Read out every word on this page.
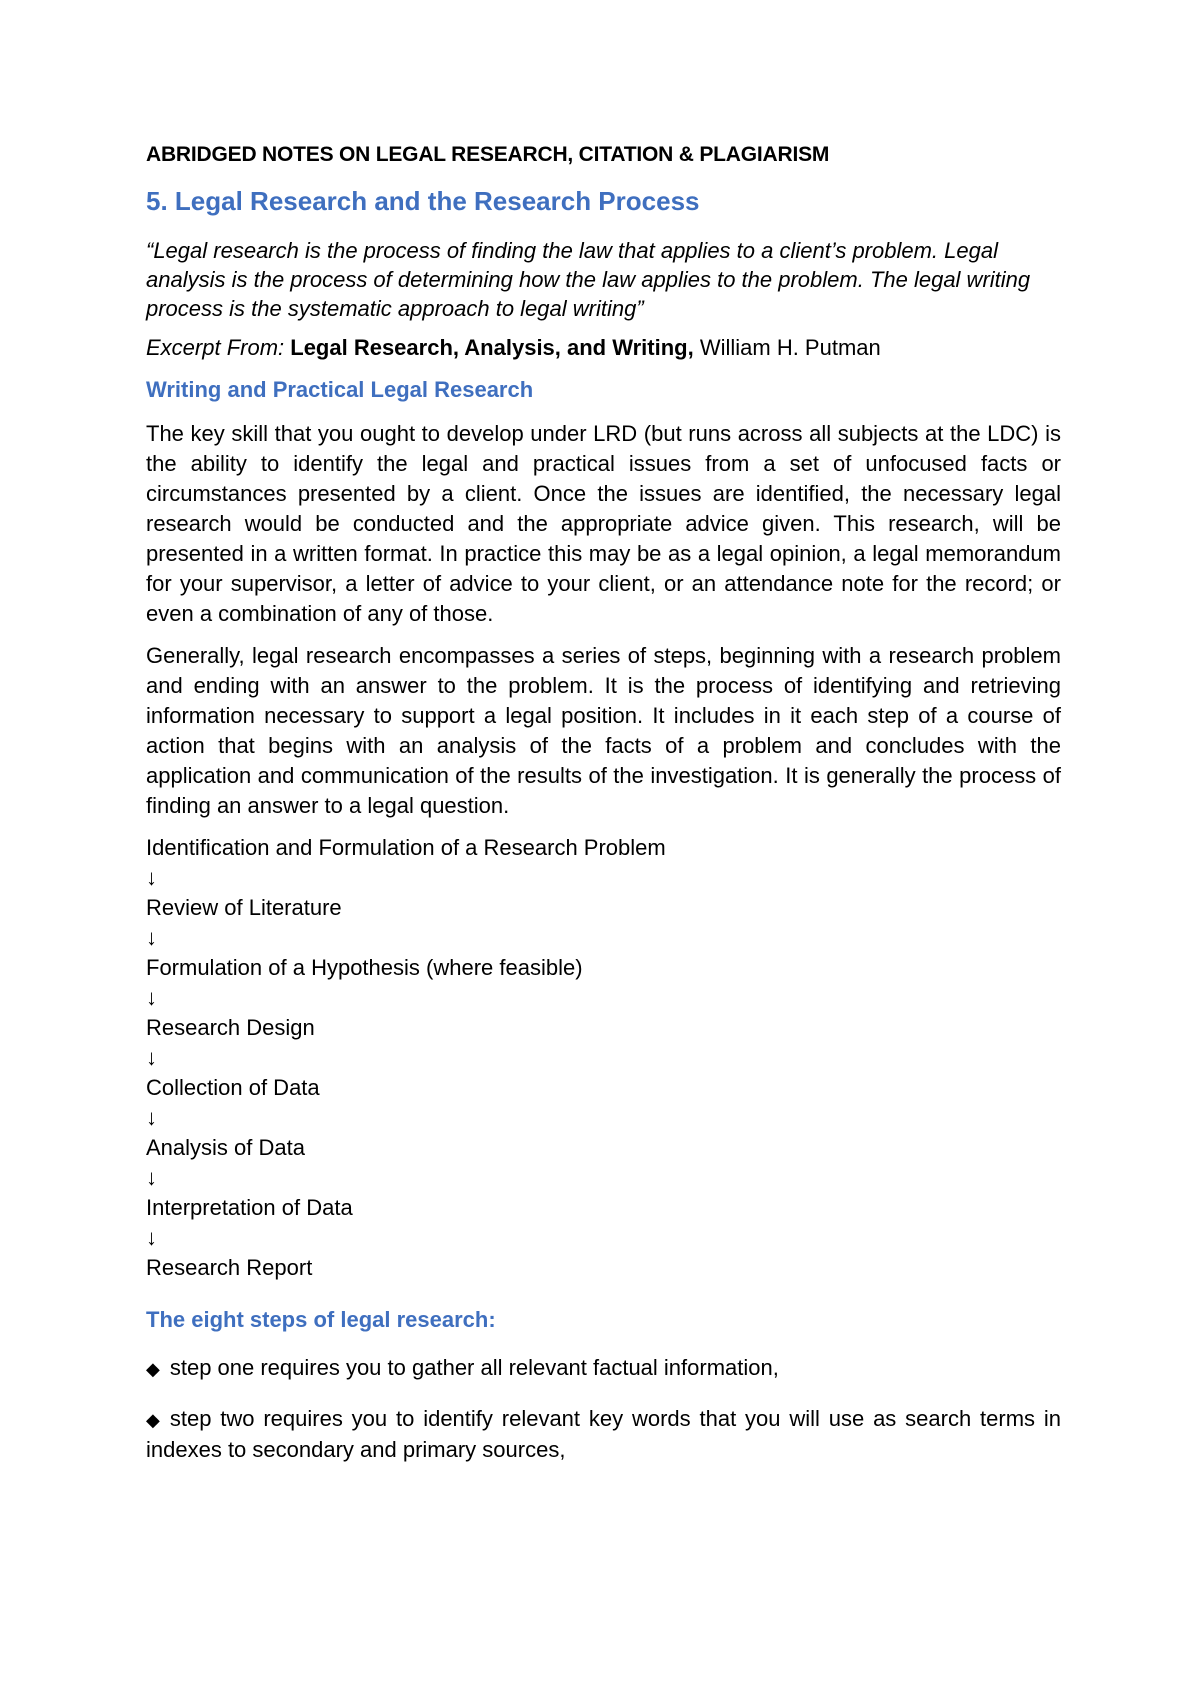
ABRIDGED NOTES ON LEGAL RESEARCH, CITATION & PLAGIARISM
5. Legal Research and the Research Process
“Legal research is the process of finding the law that applies to a client’s problem. Legal analysis is the process of determining how the law applies to the problem. The legal writing process is the systematic approach to legal writing”
Excerpt From: Legal Research, Analysis, and Writing, William H. Putman
Writing and Practical Legal Research
The key skill that you ought to develop under LRD (but runs across all subjects at the LDC) is the ability to identify the legal and practical issues from a set of unfocused facts or circumstances presented by a client. Once the issues are identified, the necessary legal research would be conducted and the appropriate advice given. This research, will be presented in a written format. In practice this may be as a legal opinion, a legal memorandum for your supervisor, a letter of advice to your client, or an attendance note for the record; or even a combination of any of those.
Generally, legal research encompasses a series of steps, beginning with a research problem and ending with an answer to the problem. It is the process of identifying and retrieving information necessary to support a legal position. It includes in it each step of a course of action that begins with an analysis of the facts of a problem and concludes with the application and communication of the results of the investigation. It is generally the process of finding an answer to a legal question.
Identification and Formulation of a Research Problem
↓
Review of Literature
↓
Formulation of a Hypothesis (where feasible)
↓
Research Design
↓
Collection of Data
↓
Analysis of Data
↓
Interpretation of Data
↓
Research Report
The eight steps of legal research:
◆ step one requires you to gather all relevant factual information,
◆ step two requires you to identify relevant key words that you will use as search terms in indexes to secondary and primary sources,
